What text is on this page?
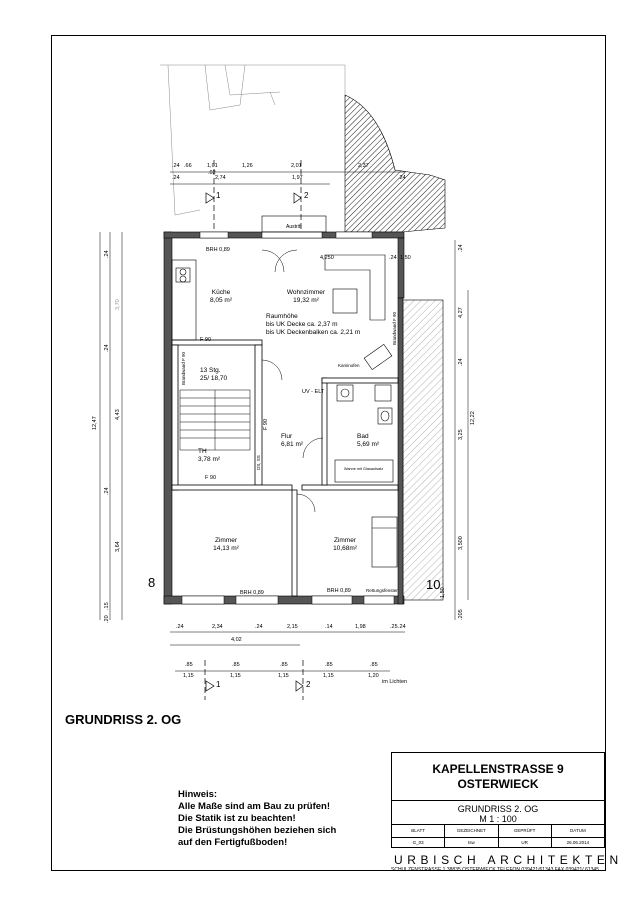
Küche
8,05 m²
Wohnzimmer
19,32 m²
Raumhöhe
bis UK Decke ca. 2,37 m
bis UK Deckenbalken ca. 2,21 m
13 Stg.
25/ 18,70
TH
3,78 m²
Flur
6,81 m²
Bad
5,69 m²
Zimmer
14,13 m²
Zimmer
10,68m²
BRH 0,89
Austritt
Kaminofen
UV - ELT
F 90
F 90
F 90
Brandwand F 90
Brandwand F 90
DS, SS	Wanne mit Glasaufsatz
BRH 0,89	BRH 0,89	Rettungsfenster
8	10
.24 .66	1,01	1,26	2,01	2,37
.24
.02
2,74	1,97	.24
4,250	.24 1,50
.24	2,34	.24	2,15	.14	1,98	.25 .24
4,02
.85
1,15
.85
1,15
.85
1,15
.85
1,15
.85
1,20
im Lichten
1	2
1	2
.24
3,70
.24
4,43
.24
3,64
.15
.20
12,47
.24
4,27
.24
12,22
3,25
3,500
1,50
.205
GRUNDRISS 2. OG
Hinweis:
Alle Maße sind am Bau zu prüfen!
Die Statik ist zu beachten!
Die Brüstungshöhen beziehen sich
auf den Fertigfußboden!
KAPELLENSTRASSE 9
OSTERWIECK
GRUNDRISS 2. OG
M 1 : 100
BLATT	GEZEICHNET	GEPRÜFT	DATUM
G_03	tsw	UR	26.06.2014
URBISCH ARCHITEKTEN
SCHULZENSTRASSE 1 38835 OSTERWIECK TELEFON 039421/61343 FAX 039421/ 61345
